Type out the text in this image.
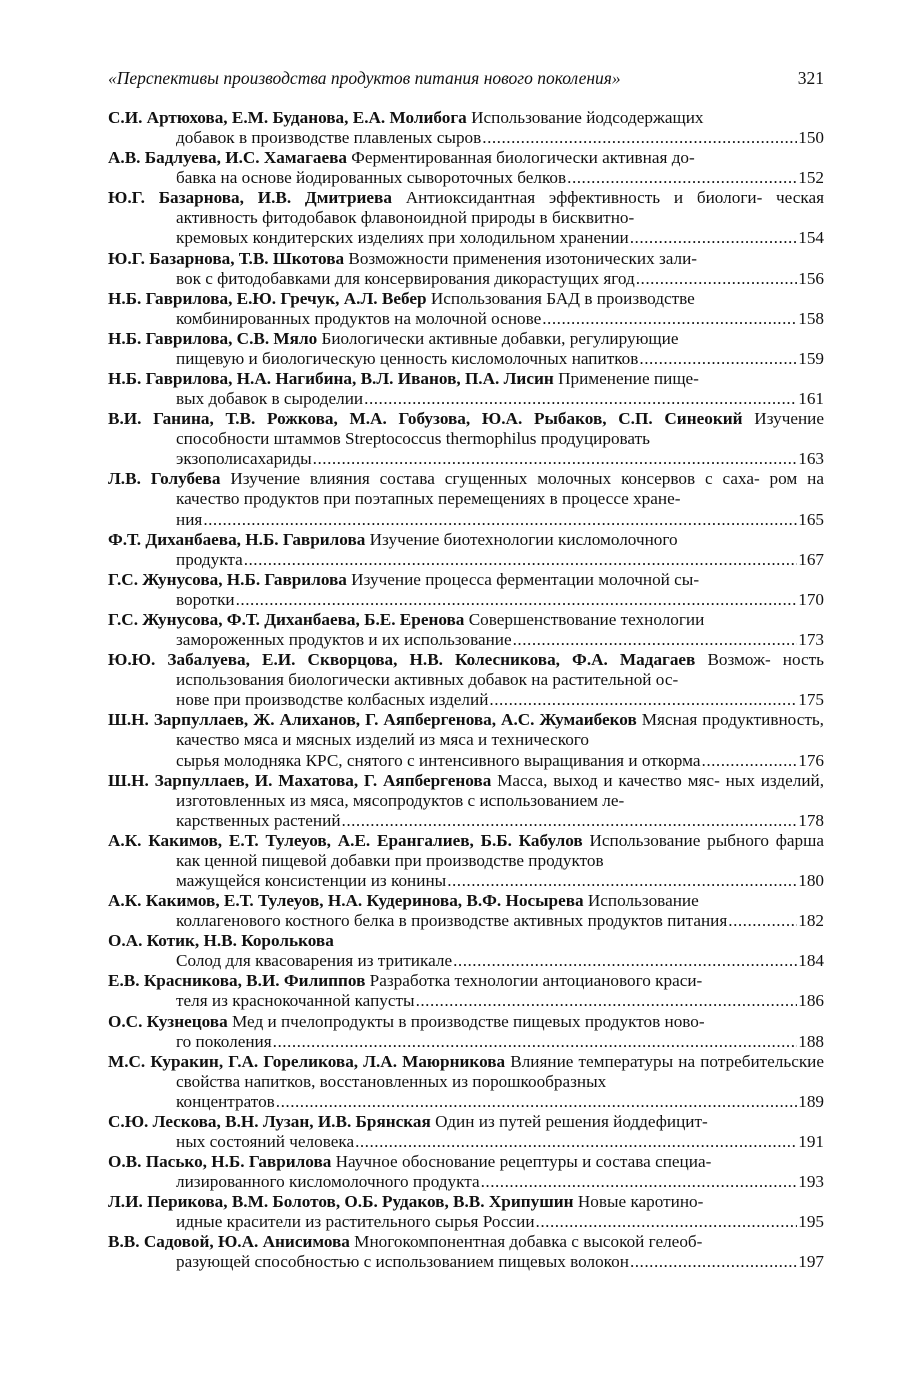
«Перспективы производства продуктов питания нового поколения»	321
С.И. Артюхова, Е.М. Буданова, Е.А. Молибога Использование йодсодержащих
добавок в производстве плавленых сыров .....	150
А.В. Бадлуева, И.С. Хамагаева Ферментированная биологически активная до-
бавка на основе йодированных сывороточных белков .....	152
Ю.Г. Базарнова, И.В. Дмитриева Антиоксидантная эффективность и биологи- ческая активность фитодобавок флавоноидной природы в бисквитно-
кремовых кондитерских изделиях при холодильном хранении .....	154
Ю.Г. Базарнова, Т.В. Шкотова Возможности применения изотонических зали-
вок с фитодобавками для консервирования дикорастущих ягод .....	156
Н.Б. Гаврилова, Е.Ю. Гречук, А.Л. Вебер Использования БАД в производстве
комбинированных продуктов на молочной основе .....	158
Н.Б. Гаврилова, С.В. Мяло Биологически активные добавки, регулирующие
пищевую и биологическую ценность кисломолочных напитков .....	159
Н.Б. Гаврилова, Н.А. Нагибина, В.Л. Иванов, П.А. Лисин Применение пище-
вых добавок в сыроделии .....	161
В.И. Ганина, Т.В. Рожкова, М.А. Гобузова, Ю.А. Рыбаков, С.П. Синеокий Изучение способности штаммов Streptococcus thermophilus продуцировать
экзополисахариды .....	163
Л.В. Голубева Изучение влияния состава сгущенных молочных консервов с саха- ром на качество продуктов при поэтапных перемещениях в процессе хране-
ния .....	165
Ф.Т. Диханбаева, Н.Б. Гаврилова Изучение биотехнологии кисломолочного
продукта .....	167
Г.С. Жунусова, Н.Б. Гаврилова Изучение процесса ферментации молочной сы-
воротки .....	170
Г.С. Жунусова, Ф.Т. Диханбаева, Б.Е. Еренова Совершенствование технологии
замороженных продуктов и их использование .....	173
Ю.Ю. Забалуева, Е.И. Скворцова, Н.В. Колесникова, Ф.А. Мадагаев Возмож- ность использования биологически активных добавок на растительной ос-
нове при производстве колбасных изделий .....	175
Ш.Н. Зарпуллаев, Ж. Алиханов, Г. Аяпбергенова, А.С. Жумаибеков Мясная продуктивность, качество мяса и мясных изделий из мяса и технического
сырья молодняка КРС, снятого с интенсивного выращивания и откорма .....	176
Ш.Н. Зарпуллаев, И. Махатова, Г. Аяпбергенова Масса, выход и качество мяс- ных изделий, изготовленных из мяса, мясопродуктов с использованием ле-
карственных растений .....	178
А.К. Какимов, Е.Т. Тулеуов, А.Е. Ерангалиев, Б.Б. Кабулов Использование рыбного фарша как ценной пищевой добавки при производстве продуктов
мажущейся консистенции из конины .....	180
А.К. Какимов, Е.Т. Тулеуов, Н.А. Кудеринова, В.Ф. Носырева Использование
коллагенового костного белка в производстве активных продуктов питания .....	182
О.А. Котик, Н.В. Королькова
Солод для квасоварения из тритикале .....	184
Е.В. Красникова, В.И. Филиппов Разработка технологии антоцианового краси-
теля из краснокочанной капусты .....	186
О.С. Кузнецова Мед и пчелопродукты в производстве пищевых продуктов ново-
го поколения .....	188
М.С. Куракин, Г.А. Гореликова, Л.А. Маюрникова Влияние температуры на потребительские свойства напитков, восстановленных из порошкообразных
концентратов .....	189
С.Ю. Лескова, В.Н. Лузан, И.В. Брянская Один из путей решения йоддефицит-
ных состояний человека .....	191
О.В. Пасько, Н.Б. Гаврилова Научное обоснование рецептуры и состава специа-
лизированного кисломолочного продукта .....	193
Л.И. Перикова, В.М. Болотов, О.Б. Рудаков, В.В. Хрипушин Новые каротино-
идные красители из растительного сырья России .....	195
В.В. Садовой, Ю.А. Анисимова Многокомпонентная добавка с высокой гелеоб-
разующей способностью с использованием пищевых волокон .....	197
